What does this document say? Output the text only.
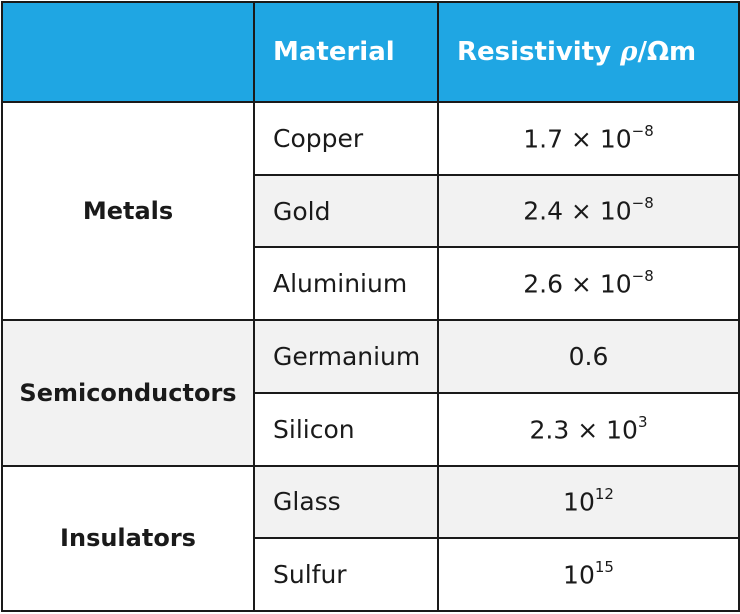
	Material	Resistivity ρ/Ωm
Metals	Copper	$1.7 \times 10^{-8}$
	Gold	$2.4 \times 10^{-8}$
	Aluminium	$2.6 \times 10^{-8}$
Semiconductors	Germanium	0.6
	Silicon	$2.3 \times 10^3$
Insulators	Glass	$10^{12}$
	Sulfur	$10^{15}$
